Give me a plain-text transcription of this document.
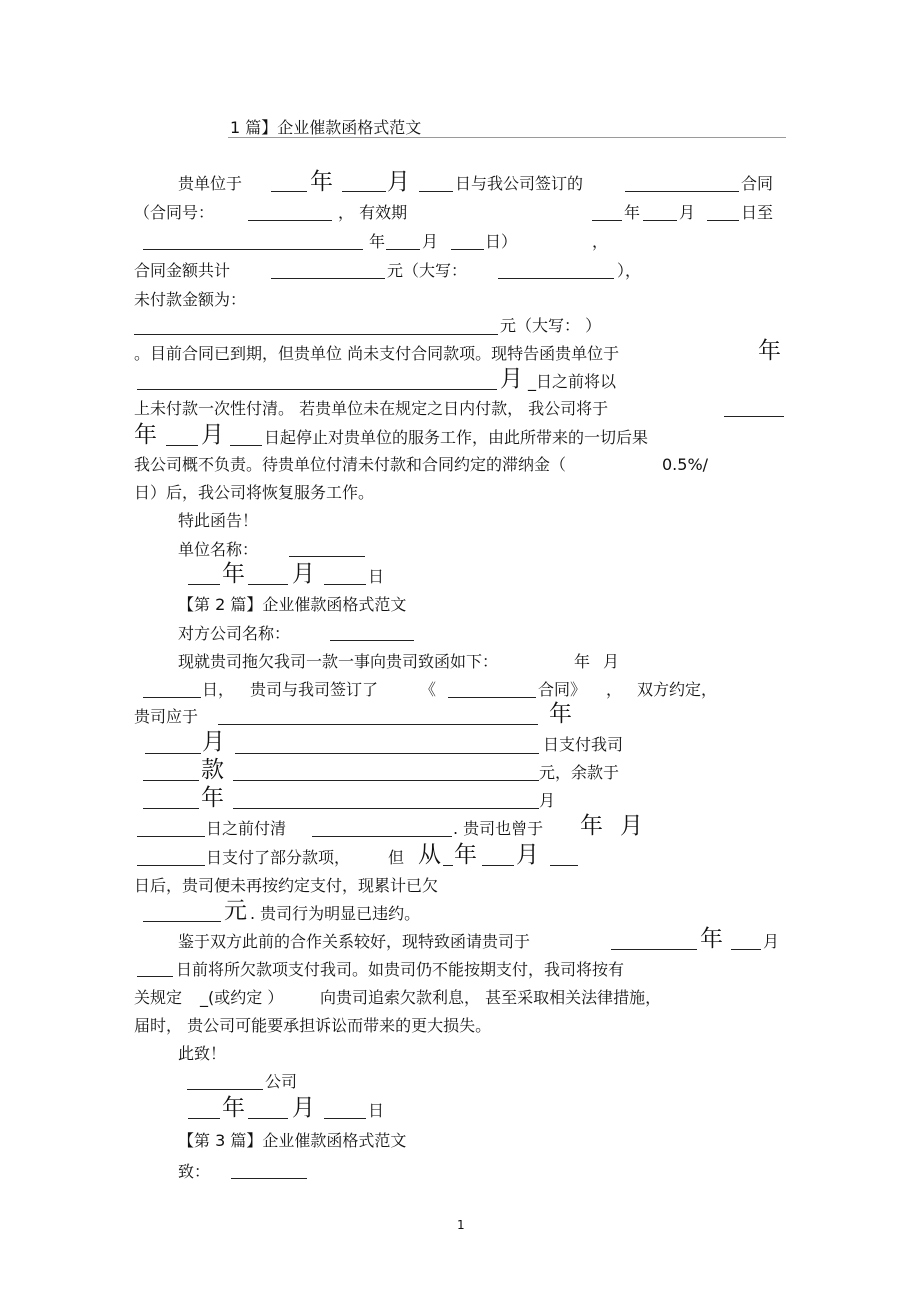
1 篇】企业催款函格式范文
贵单位于	年 月	日与我公司签订的	合同
（合同号：	， 有效期	年 月	日至
年 月	日）	，
合同金额共计	元（大写：	），
未付款金额为：
元（大写： ）
。目前合同已到期，但贵单位 尚未支付合同款项。现特告函贵单位于	年
月 _日之前将以
上未付款一次性付清。 若贵单位未在规定之日内付款， 我公司将于
年 月	日起停止对贵单位的服务工作，由此所带来的一切后果
我公司概不负责。待贵单位付清未付款和合同约定的滞纳金（	0.5%/
日）后，我公司将恢复服务工作。
特此函告！
单位名称：
年 月	日
【第 2 篇】企业催款函格式范文
对方公司名称：
现就贵司拖欠我司一款一事向贵司致函如下：	年 月
日， 贵司与我司签订了	《	合同》 ， 双方约定，
贵司应于	年
月	日支付我司
款	元，余款于
年	月
日之前付清	. 贵司也曾于 年 月
日支付了部分款项， 但 从 年 月
日后，贵司便未再按约定支付，现累计已欠
元 . 贵司行为明显已违约。
鉴于双方此前的合作关系较好，现特致函请贵司于	年	月
日前将所欠款项支付我司。如贵司仍不能按期支付，我司将按有
关规定 _(或约定 ） 向贵司追索欠款利息， 甚至采取相关法律措施，
届时， 贵公司可能要承担诉讼而带来的更大损失。
此致！
公司
年 月	日
【第 3 篇】企业催款函格式范文
致：
1
